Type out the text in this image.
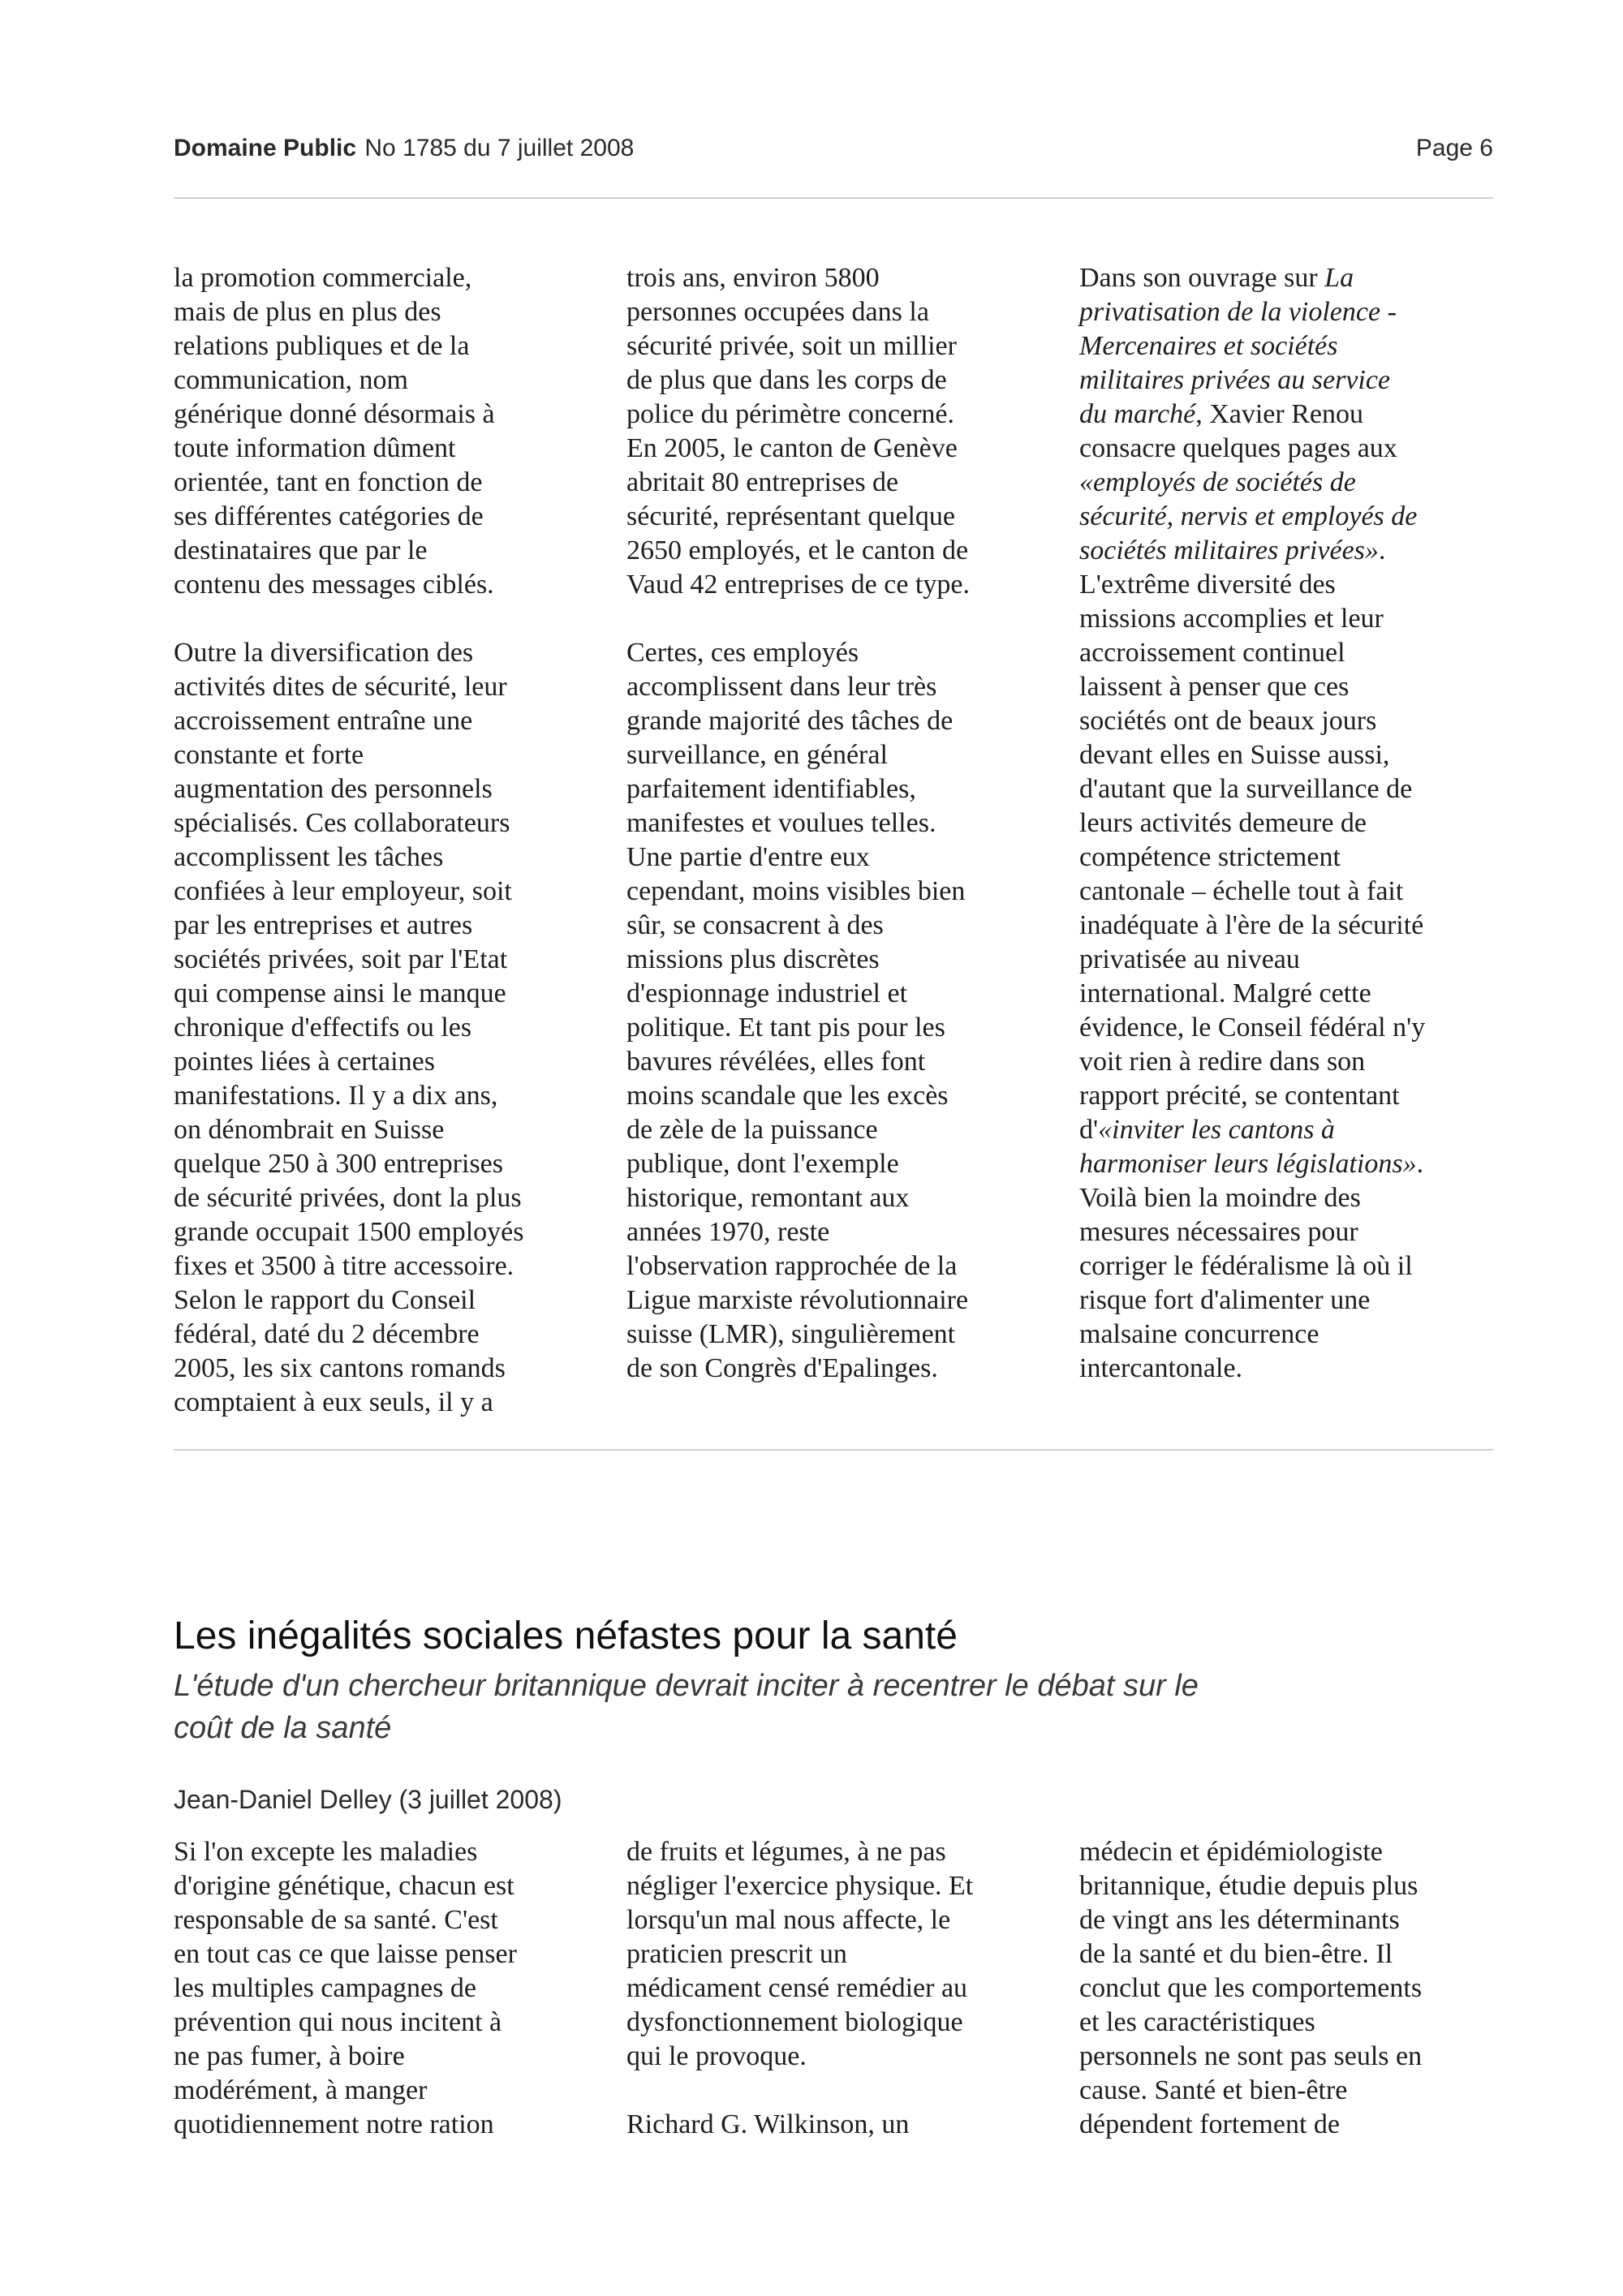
Domaine Public No 1785 du 7 juillet 2008	Page 6

la promotion commerciale,
mais de plus en plus des
relations publiques et de la
communication, nom
générique donné désormais à
toute information dûment
orientée, tant en fonction de
ses différentes catégories de
destinataires que par le
contenu des messages ciblés.

Outre la diversification des
activités dites de sécurité, leur
accroissement entraîne une
constante et forte
augmentation des personnels
spécialisés. Ces collaborateurs
accomplissent les tâches
confiées à leur employeur, soit
par les entreprises et autres
sociétés privées, soit par l'Etat
qui compense ainsi le manque
chronique d'effectifs ou les
pointes liées à certaines
manifestations. Il y a dix ans,
on dénombrait en Suisse
quelque 250 à 300 entreprises
de sécurité privées, dont la plus
grande occupait 1500 employés
fixes et 3500 à titre accessoire.
Selon le rapport du Conseil
fédéral, daté du 2 décembre
2005, les six cantons romands
comptaient à eux seuls, il y a

trois ans, environ 5800
personnes occupées dans la
sécurité privée, soit un millier
de plus que dans les corps de
police du périmètre concerné.
En 2005, le canton de Genève
abritait 80 entreprises de
sécurité, représentant quelque
2650 employés, et le canton de
Vaud 42 entreprises de ce type.

Certes, ces employés
accomplissent dans leur très
grande majorité des tâches de
surveillance, en général
parfaitement identifiables,
manifestes et voulues telles.
Une partie d'entre eux
cependant, moins visibles bien
sûr, se consacrent à des
missions plus discrètes
d'espionnage industriel et
politique. Et tant pis pour les
bavures révélées, elles font
moins scandale que les excès
de zèle de la puissance
publique, dont l'exemple
historique, remontant aux
années 1970, reste
l'observation rapprochée de la
Ligue marxiste révolutionnaire
suisse (LMR), singulièrement
de son Congrès d'Epalinges.

Dans son ouvrage sur La
privatisation de la violence -
Mercenaires et sociétés
militaires privées au service
du marché, Xavier Renou
consacre quelques pages aux
«employés de sociétés de
sécurité, nervis et employés de
sociétés militaires privées».
L'extrême diversité des
missions accomplies et leur
accroissement continuel
laissent à penser que ces
sociétés ont de beaux jours
devant elles en Suisse aussi,
d'autant que la surveillance de
leurs activités demeure de
compétence strictement
cantonale – échelle tout à fait
inadéquate à l'ère de la sécurité
privatisée au niveau
international. Malgré cette
évidence, le Conseil fédéral n'y
voit rien à redire dans son
rapport précité, se contentant
d'«inviter les cantons à
harmoniser leurs législations».
Voilà bien la moindre des
mesures nécessaires pour
corriger le fédéralisme là où il
risque fort d'alimenter une
malsaine concurrence
intercantonale.

Les inégalités sociales néfastes pour la santé
L'étude d'un chercheur britannique devrait inciter à recentrer le débat sur le
coût de la santé
Jean-Daniel Delley (3 juillet 2008)

Si l'on excepte les maladies
d'origine génétique, chacun est
responsable de sa santé. C'est
en tout cas ce que laisse penser
les multiples campagnes de
prévention qui nous incitent à
ne pas fumer, à boire
modérément, à manger
quotidiennement notre ration

de fruits et légumes, à ne pas
négliger l'exercice physique. Et
lorsqu'un mal nous affecte, le
praticien prescrit un
médicament censé remédier au
dysfonctionnement biologique
qui le provoque.

Richard G. Wilkinson, un

médecin et épidémiologiste
britannique, étudie depuis plus
de vingt ans les déterminants
de la santé et du bien-être. Il
conclut que les comportements
et les caractéristiques
personnels ne sont pas seuls en
cause. Santé et bien-être
dépendent fortement de
